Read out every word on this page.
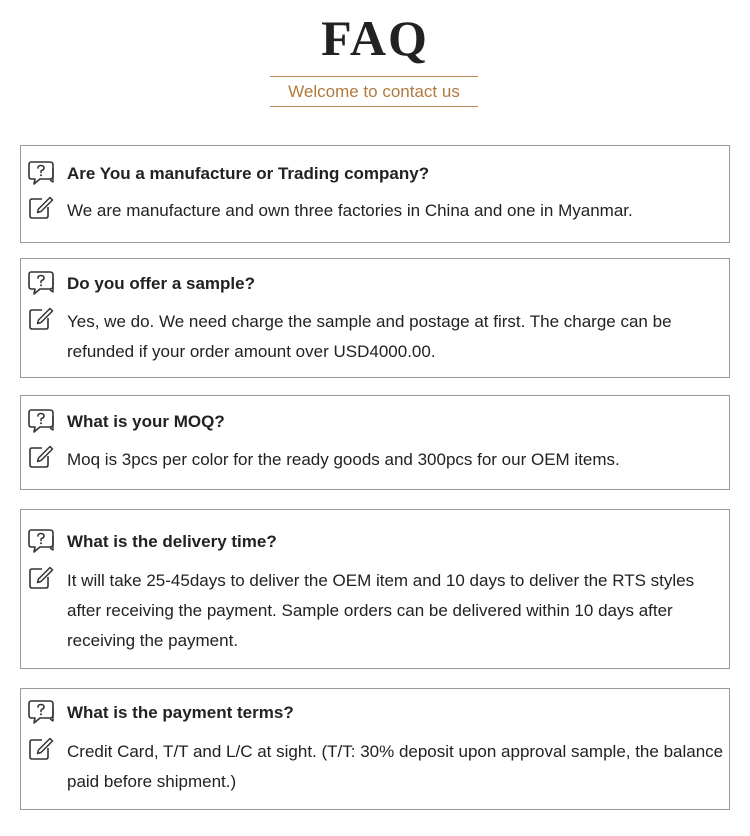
FAQ
Welcome to contact us
Are You a manufacture or Trading company?
We are manufacture and own three factories in China and one in Myanmar.
Do you offer a sample?
Yes, we do. We need charge the sample and postage at first. The charge can be refunded if your order amount over USD4000.00.
What is your MOQ?
Moq is 3pcs per color for the ready goods and 300pcs for our OEM items.
What is the delivery time?
It will take 25-45days to deliver the OEM item and 10 days to deliver the RTS styles after receiving the payment. Sample orders can be delivered within 10 days after receiving the payment.
What is the payment terms?
Credit Card, T/T and L/C at sight. (T/T: 30% deposit upon approval sample, the balance paid before shipment.)
